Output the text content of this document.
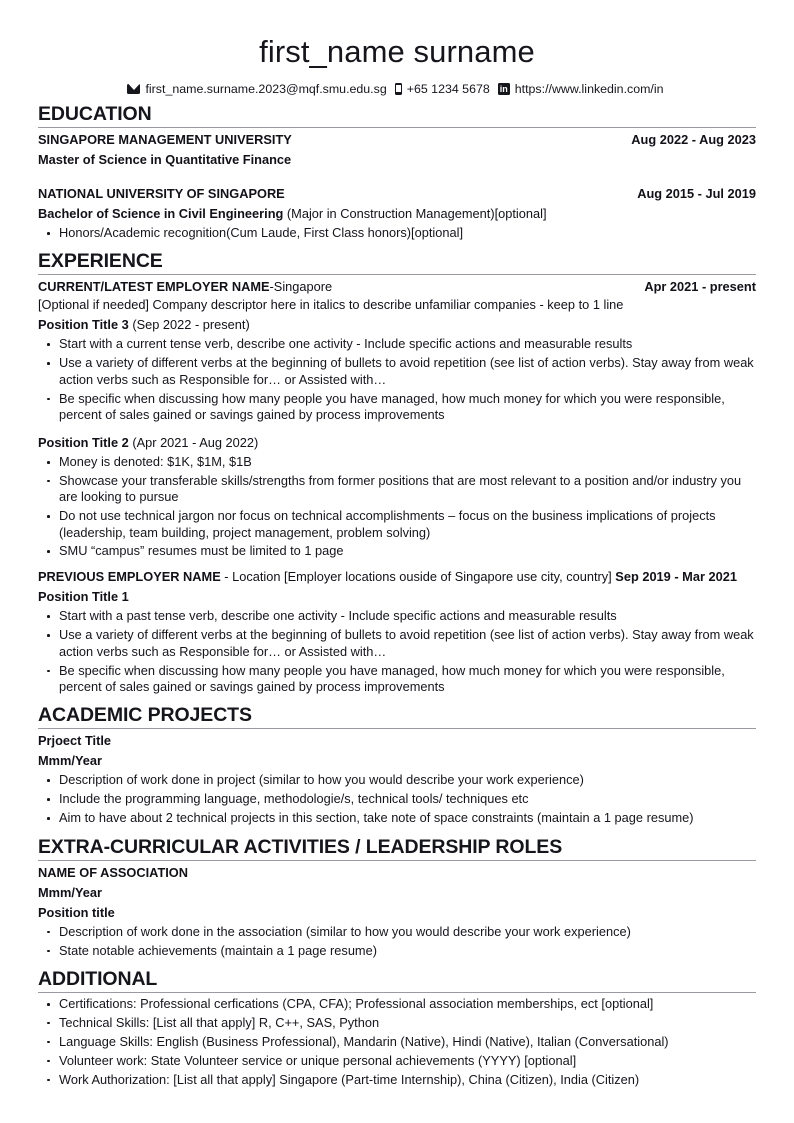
first_name surname
first_name.surname.2023@mqf.smu.edu.sg +65 1234 5678 in https://www.linkedin.com/in
EDUCATION
SINGAPORE MANAGEMENT UNIVERSITY	Aug 2022 - Aug 2023
Master of Science in Quantitative Finance
NATIONAL UNIVERSITY OF SINGAPORE	Aug 2015 - Jul 2019
Bachelor of Science in Civil Engineering (Major in Construction Management)[optional]
Honors/Academic recognition(Cum Laude, First Class honors)[optional]
EXPERIENCE
CURRENT/LATEST EMPLOYER NAME-Singapore	Apr 2021 - present
[Optional if needed] Company descriptor here in italics to describe unfamiliar companies - keep to 1 line
Position Title 3 (Sep 2022 - present)
Start with a current tense verb, describe one activity - Include specific actions and measurable results
Use a variety of different verbs at the beginning of bullets to avoid repetition (see list of action verbs). Stay away from weak action verbs such as Responsible for… or Assisted with…
Be specific when discussing how many people you have managed, how much money for which you were responsible, percent of sales gained or savings gained by process improvements
Position Title 2 (Apr 2021 - Aug 2022)
Money is denoted: $1K, $1M, $1B
Showcase your transferable skills/strengths from former positions that are most relevant to a position and/or industry you are looking to pursue
Do not use technical jargon nor focus on technical accomplishments – focus on the business implications of projects (leadership, team building, project management, problem solving)
SMU “campus” resumes must be limited to 1 page
PREVIOUS EMPLOYER NAME - Location [Employer locations ouside of Singapore use city, country] Sep 2019 - Mar 2021
Position Title 1
Start with a past tense verb, describe one activity - Include specific actions and measurable results
Use a variety of different verbs at the beginning of bullets to avoid repetition (see list of action verbs). Stay away from weak action verbs such as Responsible for… or Assisted with…
Be specific when discussing how many people you have managed, how much money for which you were responsible, percent of sales gained or savings gained by process improvements
ACADEMIC PROJECTS
Prjoect Title
Mmm/Year
Description of work done in project (similar to how you would describe your work experience)
Include the programming language, methodologie/s, technical tools/ techniques etc
Aim to have about 2 technical projects in this section, take note of space constraints (maintain a 1 page resume)
EXTRA-CURRICULAR ACTIVITIES / LEADERSHIP ROLES
NAME OF ASSOCIATION
Mmm/Year
Position title
Description of work done in the association (similar to how you would describe your work experience)
State notable achievements (maintain a 1 page resume)
ADDITIONAL
Certifications: Professional cerfications (CPA, CFA); Professional association memberships, ect [optional]
Technical Skills: [List all that apply] R, C++, SAS, Python
Language Skills: English (Business Professional), Mandarin (Native), Hindi (Native), Italian (Conversational)
Volunteer work: State Volunteer service or unique personal achievements (YYYY) [optional]
Work Authorization: [List all that apply] Singapore (Part-time Internship), China (Citizen), India (Citizen)
